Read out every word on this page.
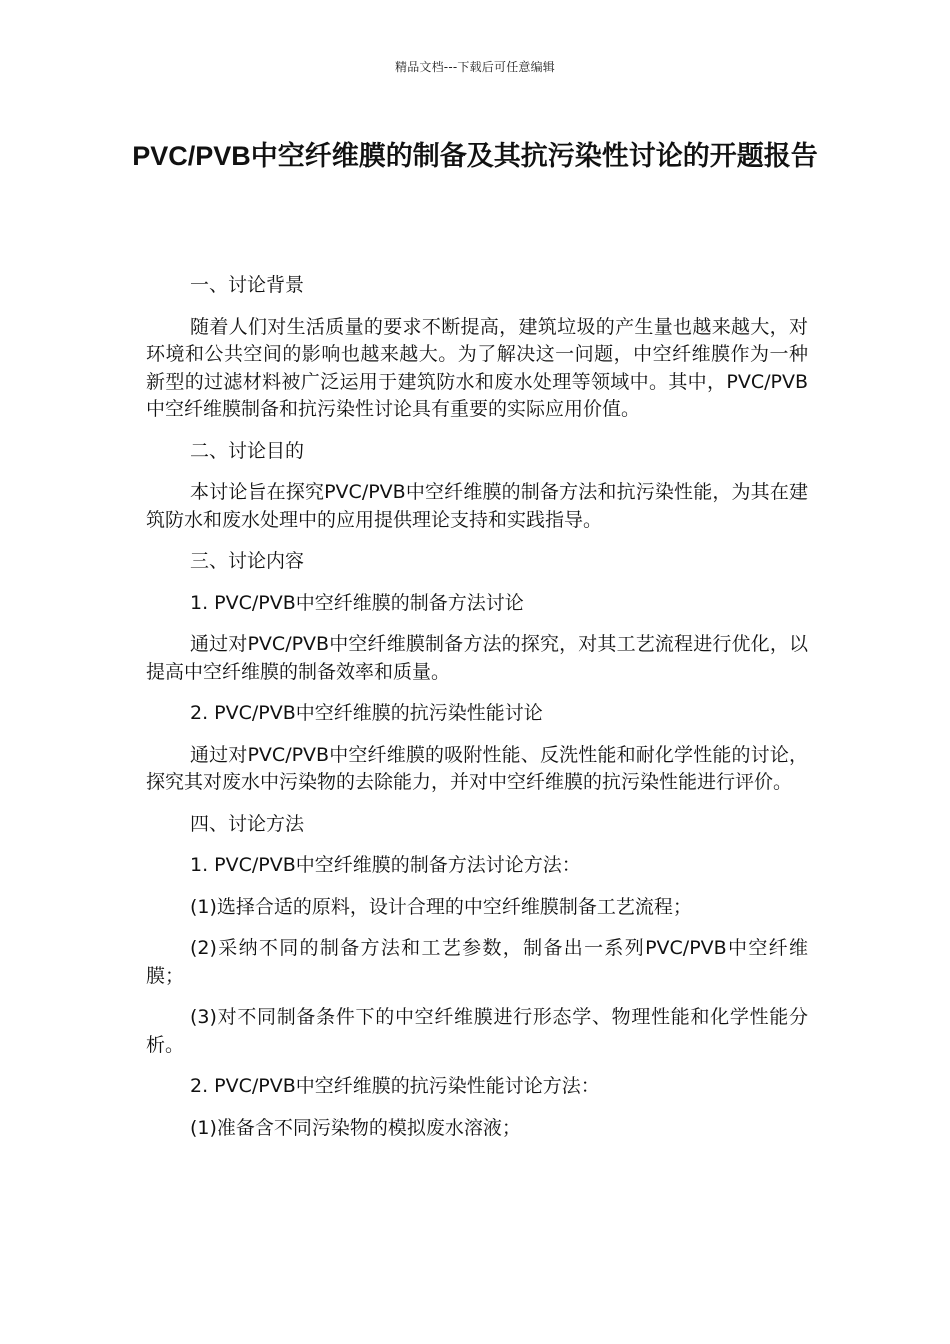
精品文档---下载后可任意编辑
PVC/PVB中空纤维膜的制备及其抗污染性讨论的开题报告

一、讨论背景

随着人们对生活质量的要求不断提高，建筑垃圾的产生量也越来越大，对环境和公共空间的影响也越来越大。为了解决这一问题，中空纤维膜作为一种新型的过滤材料被广泛运用于建筑防水和废水处理等领域中。其中，PVC/PVB中空纤维膜制备和抗污染性讨论具有重要的实际应用价值。

二、讨论目的

本讨论旨在探究PVC/PVB中空纤维膜的制备方法和抗污染性能，为其在建筑防水和废水处理中的应用提供理论支持和实践指导。

三、讨论内容

1. PVC/PVB中空纤维膜的制备方法讨论

通过对PVC/PVB中空纤维膜制备方法的探究，对其工艺流程进行优化，以提高中空纤维膜的制备效率和质量。

2. PVC/PVB中空纤维膜的抗污染性能讨论

通过对PVC/PVB中空纤维膜的吸附性能、反洗性能和耐化学性能的讨论，探究其对废水中污染物的去除能力，并对中空纤维膜的抗污染性能进行评价。

四、讨论方法

1. PVC/PVB中空纤维膜的制备方法讨论方法：

(1)选择合适的原料，设计合理的中空纤维膜制备工艺流程；

(2)采纳不同的制备方法和工艺参数，制备出一系列PVC/PVB中空纤维膜；

(3)对不同制备条件下的中空纤维膜进行形态学、物理性能和化学性能分析。

2. PVC/PVB中空纤维膜的抗污染性能讨论方法：

(1)准备含不同污染物的模拟废水溶液；
